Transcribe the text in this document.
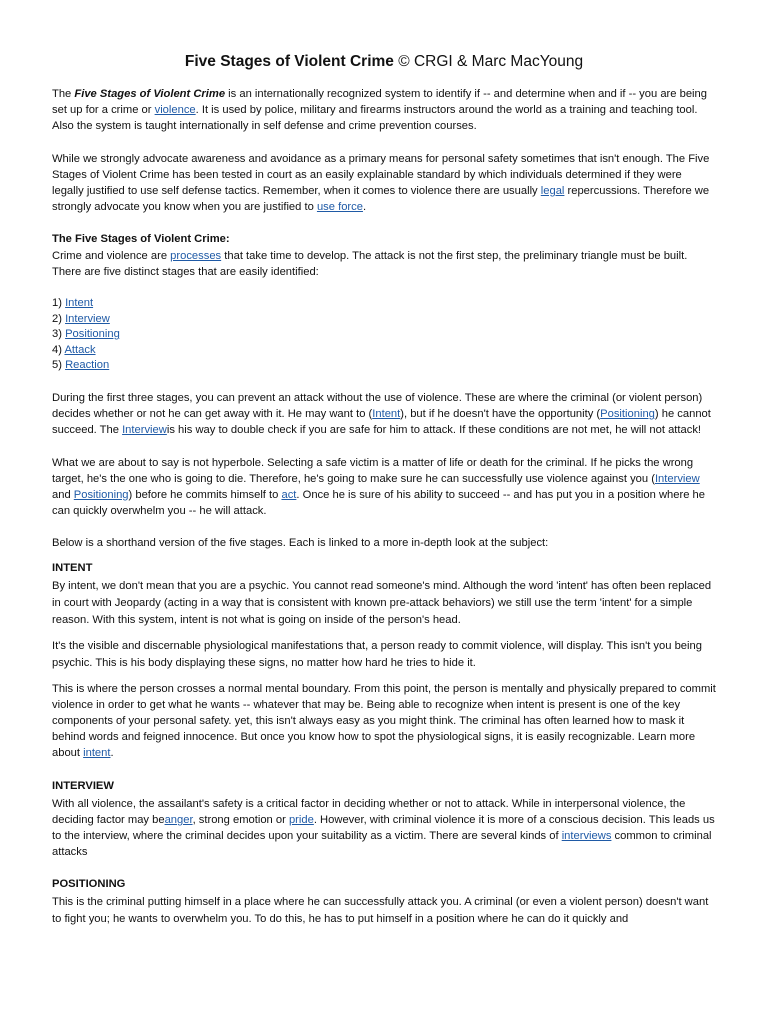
Five Stages of Violent Crime © CRGI & Marc MacYoung

The Five Stages of Violent Crime is an internationally recognized system to identify if -- and determine when and if -- you are being set up for a crime or violence. It is used by police, military and firearms instructors around the world as a training and teaching tool. Also the system is taught internationally in self defense and crime prevention courses.

While we strongly advocate awareness and avoidance as a primary means for personal safety sometimes that isn't enough. The Five Stages of Violent Crime has been tested in court as an easily explainable standard by which individuals determined if they were legally justified to use self defense tactics. Remember, when it comes to violence there are usually legal repercussions. Therefore we strongly advocate you know when you are justified to use force.

The Five Stages of Violent Crime:

Crime and violence are processes that take time to develop. The attack is not the first step, the preliminary triangle must be built. There are five distinct stages that are easily identified:

1) Intent
2) Interview
3) Positioning
4) Attack
5) Reaction

During the first three stages, you can prevent an attack without the use of violence. These are where the criminal (or violent person) decides whether or not he can get away with it. He may want to (Intent), but if he doesn't have the opportunity (Positioning) he cannot succeed. The Interviewis his way to double check if you are safe for him to attack. If these conditions are not met, he will not attack!

What we are about to say is not hyperbole. Selecting a safe victim is a matter of life or death for the criminal. If he picks the wrong target, he's the one who is going to die. Therefore, he's going to make sure he can successfully use violence against you (Interview and Positioning) before he commits himself to act. Once he is sure of his ability to succeed -- and has put you in a position where he can quickly overwhelm you -- he will attack.

Below is a shorthand version of the five stages. Each is linked to a more in-depth look at the subject:

INTENT

By intent, we don't mean that you are a psychic. You cannot read someone's mind. Although the word 'intent' has often been replaced in court with Jeopardy (acting in a way that is consistent with known pre-attack behaviors) we still use the term 'intent' for a simple reason. With this system, intent is not what is going on inside of the person's head.

It's the visible and discernable physiological manifestations that, a person ready to commit violence, will display. This isn't you being psychic. This is his body displaying these signs, no matter how hard he tries to hide it.

This is where the person crosses a normal mental boundary. From this point, the person is mentally and physically prepared to commit violence in order to get what he wants -- whatever that may be. Being able to recognize when intent is present is one of the key components of your personal safety. yet, this isn't always easy as you might think. The criminal has often learned how to mask it behind words and feigned innocence. But once you know how to spot the physiological signs, it is easily recognizable. Learn more about intent.

INTERVIEW

With all violence, the assailant's safety is a critical factor in deciding whether or not to attack. While in interpersonal violence, the deciding factor may beanger, strong emotion or pride. However, with criminal violence it is more of a conscious decision. This leads us to the interview, where the criminal decides upon your suitability as a victim. There are several kinds of interviews common to criminal attacks

POSITIONING

This is the criminal putting himself in a place where he can successfully attack you. A criminal (or even a violent person) doesn't want to fight you; he wants to overwhelm you. To do this, he has to put himself in a position where he can do it quickly and
